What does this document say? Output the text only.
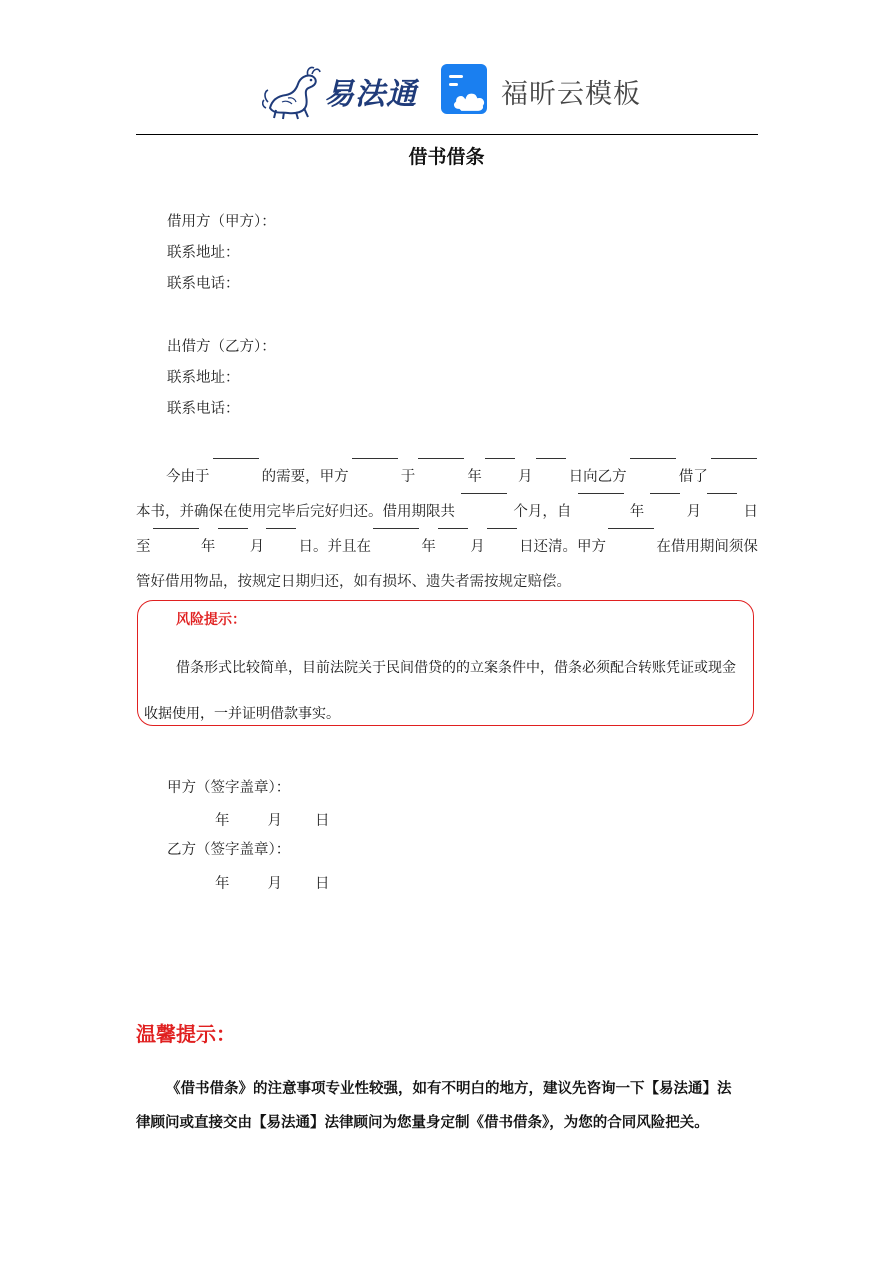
易法通	福昕云模板
借书借条
借用方（甲方）：
联系地址：
联系电话：
出借方（乙方）：
联系地址：
联系电话：
今由于	的需要，甲方	于	年 月 日向乙方	借了
本书，并确保在使用完毕后完好归还。借用期限共	个月，自	年	月	日
至	年 月 日。并且在	年 月 日还清。甲方	在借用期间须保
管好借用物品，按规定日期归还，如有损坏、遗失者需按规定赔偿。
风险提示：
借条形式比较简单，目前法院关于民间借贷的的立案条件中，借条必须配合转账凭证或现金收据使用，一并证明借款事实。
甲方（签字盖章）：
年	月 日
乙方（签字盖章）：
年	月 日
温馨提示：
《借书借条》的注意事项专业性较强，如有不明白的地方，建议先咨询一下【易法通】法
律顾问或直接交由【易法通】法律顾问为您量身定制《借书借条》，为您的合同风险把关。
